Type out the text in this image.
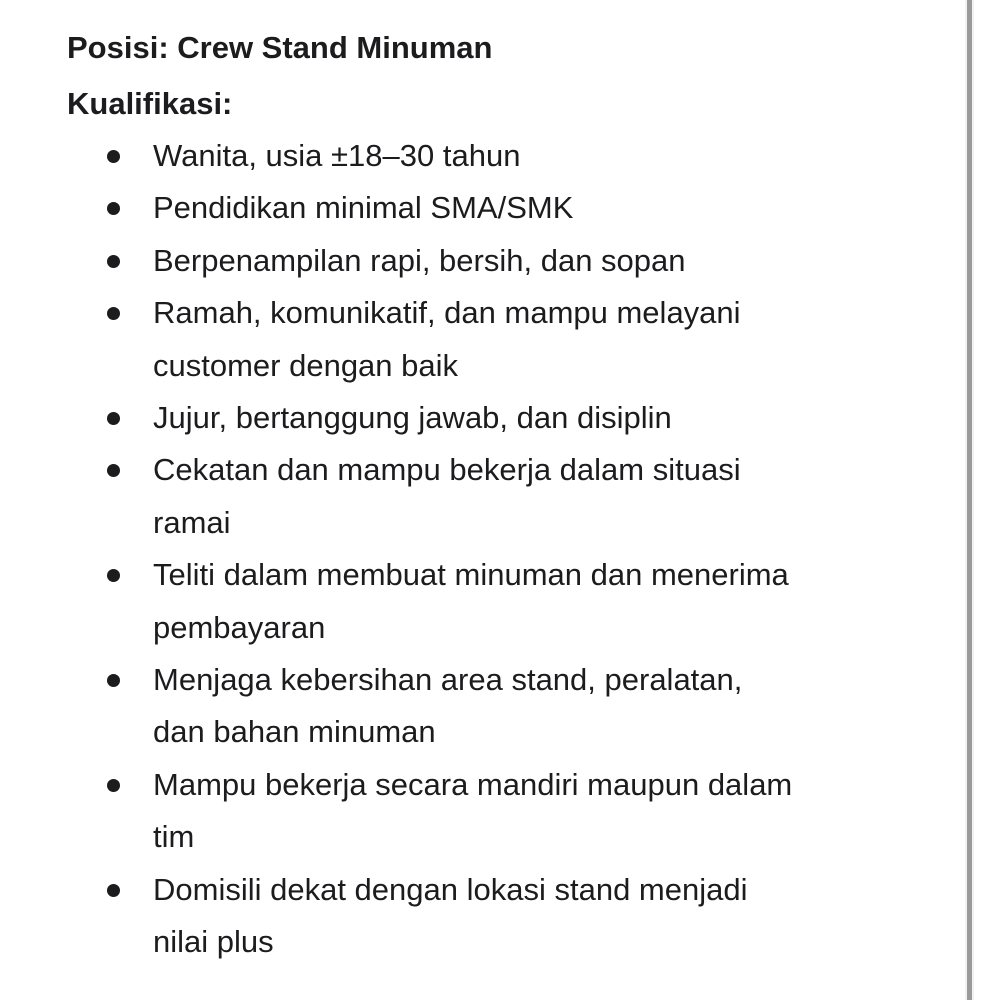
Posisi: Crew Stand Minuman
Kualifikasi:
Wanita, usia ±18–30 tahun
Pendidikan minimal SMA/SMK
Berpenampilan rapi, bersih, dan sopan
Ramah, komunikatif, dan mampu melayani
customer dengan baik
Jujur, bertanggung jawab, dan disiplin
Cekatan dan mampu bekerja dalam situasi
ramai
Teliti dalam membuat minuman dan menerima
pembayaran
Menjaga kebersihan area stand, peralatan,
dan bahan minuman
Mampu bekerja secara mandiri maupun dalam
tim
Domisili dekat dengan lokasi stand menjadi
nilai plus
